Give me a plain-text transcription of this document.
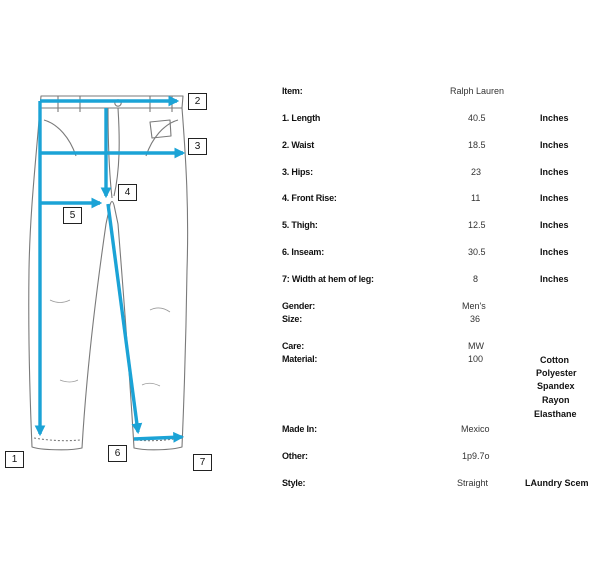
1
2
3
4
5
6
7
Item:	Ralph Lauren
1. Length	40.5	Inches
2. Waist	18.5	Inches
3. Hips:	23	Inches
4. Front Rise:	11	Inches
5. Thigh:	12.5	Inches
6. Inseam:	30.5	Inches
7: Width at hem of leg:	8	Inches
Gender:	Men's
Size:	36
Care:	MW
Material:	100	Cotton
Polyester
Spandex
Rayon
Elasthane
Made In:	Mexico
Other:	1p9.7o
Style:	Straight	LAundry Scem
